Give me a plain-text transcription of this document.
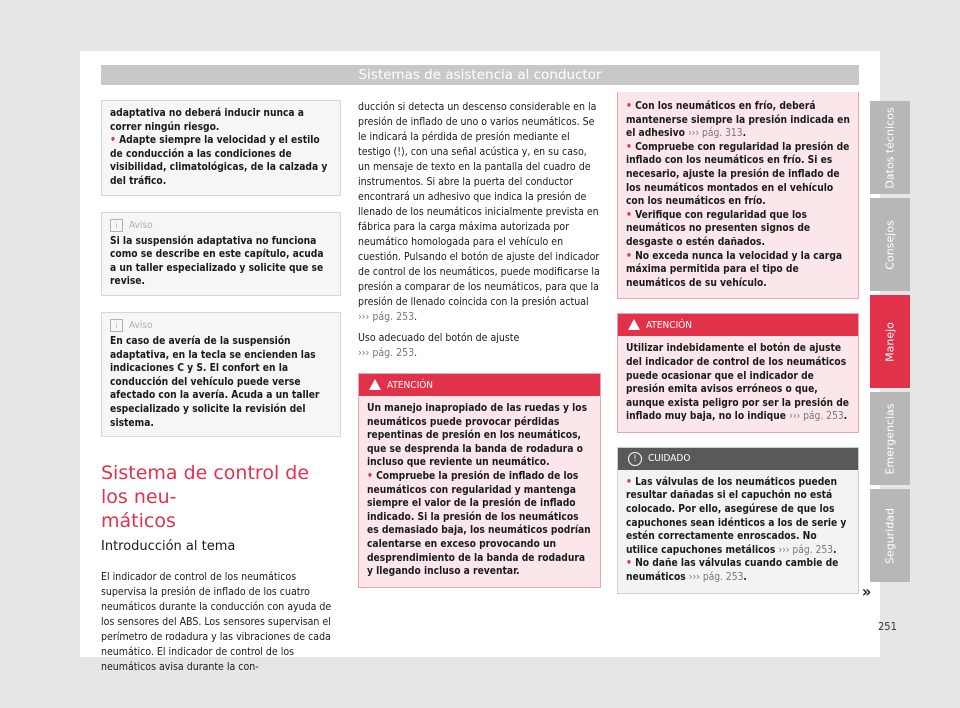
Sistemas de asistencia al conductor
Datos técnicos
Consejos
Manejo
Emergencias
Seguridad

adaptativa no deberá inducir nunca a correr ningún riesgo.

• Adapte siempre la velocidad y el estilo de conducción a las condiciones de visibilidad, climatológicas, de la calzada y del tráfico.

i	Aviso

Si la suspensión adaptativa no funciona como se describe en este capítulo, acuda a un taller especializado y solicite que se revise.

i	Aviso

En caso de avería de la suspensión adaptativa, en la tecla se encienden las indicaciones C y S. El confort en la conducción del vehículo puede verse afectado con la avería. Acuda a un taller especializado y solicite la revisión del sistema.

Sistema de control de los neu-
máticos
Introducción al tema

El indicador de control de los neumáticos supervisa la presión de inflado de los cuatro neumáticos durante la conducción con ayuda de los sensores del ABS. Los sensores supervisan el perímetro de rodadura y las vibraciones de cada neumático. El indicador de control de los neumáticos avisa durante la con-

ducción si detecta un descenso considerable en la presión de inflado de uno o varios neumáticos. Se le indicará la pérdida de presión mediante el testigo (!), con una señal acústica y, en su caso, un mensaje de texto en la pantalla del cuadro de instrumentos. Si abre la puerta del conductor encontrará un adhesivo que indica la presión de llenado de los neumáticos inicialmente prevista en fábrica para la carga máxima autorizada por neumático homologada para el vehículo en cuestión. Pulsando el botón de ajuste del indicador de control de los neumáticos, puede modificarse la presión a comparar de los neumáticos, para que la presión de llenado coincida con la presión actual ››› pág. 253.

Uso adecuado del botón de ajuste
››› pág. 253.

ATENCIÓN

Un manejo inapropiado de las ruedas y los neumáticos puede provocar pérdidas repentinas de presión en los neumáticos, que se desprenda la banda de rodadura o incluso que reviente un neumático.

• Compruebe la presión de inflado de los neumáticos con regularidad y mantenga siempre el valor de la presión de inflado indicado. Si la presión de los neumáticos es demasiado baja, los neumáticos podrían calentarse en exceso provocando un desprendimiento de la banda de rodadura y llegando incluso a reventar.

• Con los neumáticos en frío, deberá mantenerse siempre la presión indicada en el adhesivo ››› pág. 313.

• Compruebe con regularidad la presión de inflado con los neumáticos en frío. Si es necesario, ajuste la presión de inflado de los neumáticos montados en el vehículo con los neumáticos en frío.

• Verifique con regularidad que los neumáticos no presenten signos de desgaste o estén dañados.

• No exceda nunca la velocidad y la carga máxima permitida para el tipo de neumáticos de su vehículo.

ATENCIÓN

Utilizar indebidamente el botón de ajuste del indicador de control de los neumáticos puede ocasionar que el indicador de presión emita avisos erróneos o que, aunque exista peligro por ser la presión de inflado muy baja, no lo indique ››› pág. 253.

!	CUIDADO

• Las válvulas de los neumáticos pueden resultar dañadas si el capuchón no está colocado. Por ello, asegúrese de que los capuchones sean idénticos a los de serie y estén correctamente enroscados. No utilice capuchones metálicos ››› pág. 253.

• No dañe las válvulas cuando cambie de neumáticos ››› pág. 253.

»
251
